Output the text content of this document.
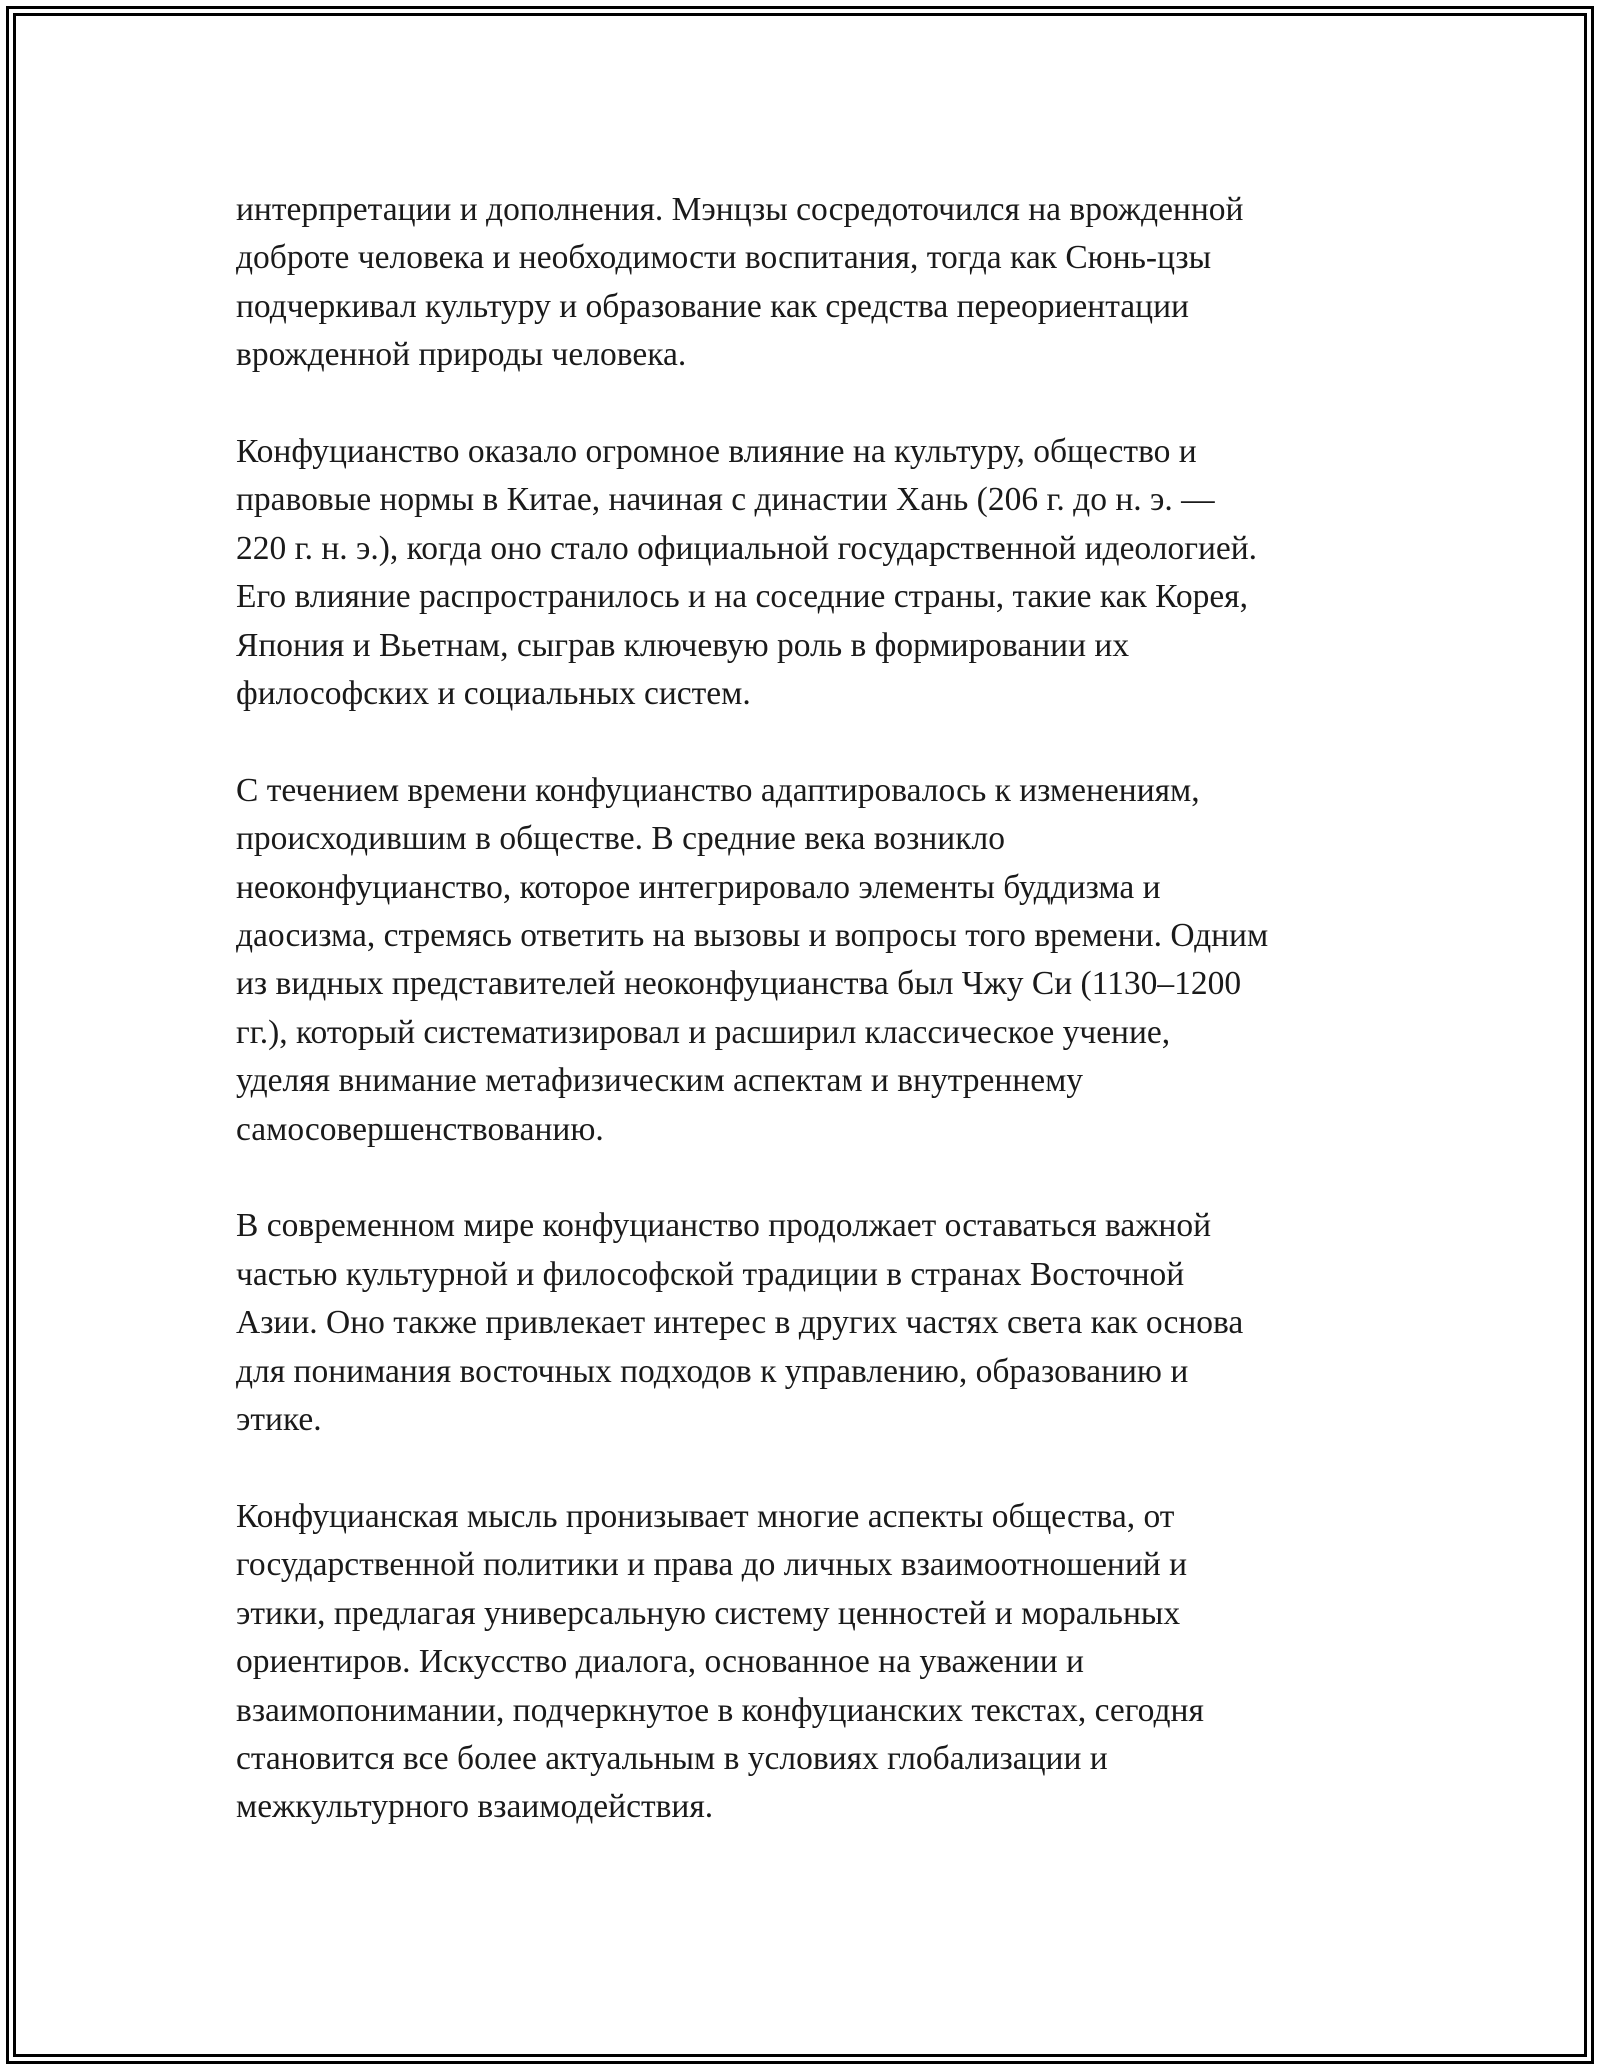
интерпретации и дополнения. Мэнцзы сосредоточился на врожденной
доброте человека и необходимости воспитания, тогда как Сюнь-цзы
подчеркивал культуру и образование как средства переориентации
врожденной природы человека.

Конфуцианство оказало огромное влияние на культуру, общество и
правовые нормы в Китае, начиная с династии Хань (206 г. до н. э. —
220 г. н. э.), когда оно стало официальной государственной идеологией.
Его влияние распространилось и на соседние страны, такие как Корея,
Япония и Вьетнам, сыграв ключевую роль в формировании их
философских и социальных систем.

С течением времени конфуцианство адаптировалось к изменениям,
происходившим в обществе. В средние века возникло
неоконфуцианство, которое интегрировало элементы буддизма и
даосизма, стремясь ответить на вызовы и вопросы того времени. Одним
из видных представителей неоконфуцианства был Чжу Си (1130–1200
гг.), который систематизировал и расширил классическое учение,
уделяя внимание метафизическим аспектам и внутреннему
самосовершенствованию.

В современном мире конфуцианство продолжает оставаться важной
частью культурной и философской традиции в странах Восточной
Азии. Оно также привлекает интерес в других частях света как основа
для понимания восточных подходов к управлению, образованию и
этике.

Конфуцианская мысль пронизывает многие аспекты общества, от
государственной политики и права до личных взаимоотношений и
этики, предлагая универсальную систему ценностей и моральных
ориентиров. Искусство диалога, основанное на уважении и
взаимопонимании, подчеркнутое в конфуцианских текстах, сегодня
становится все более актуальным в условиях глобализации и
межкультурного взаимодействия.
